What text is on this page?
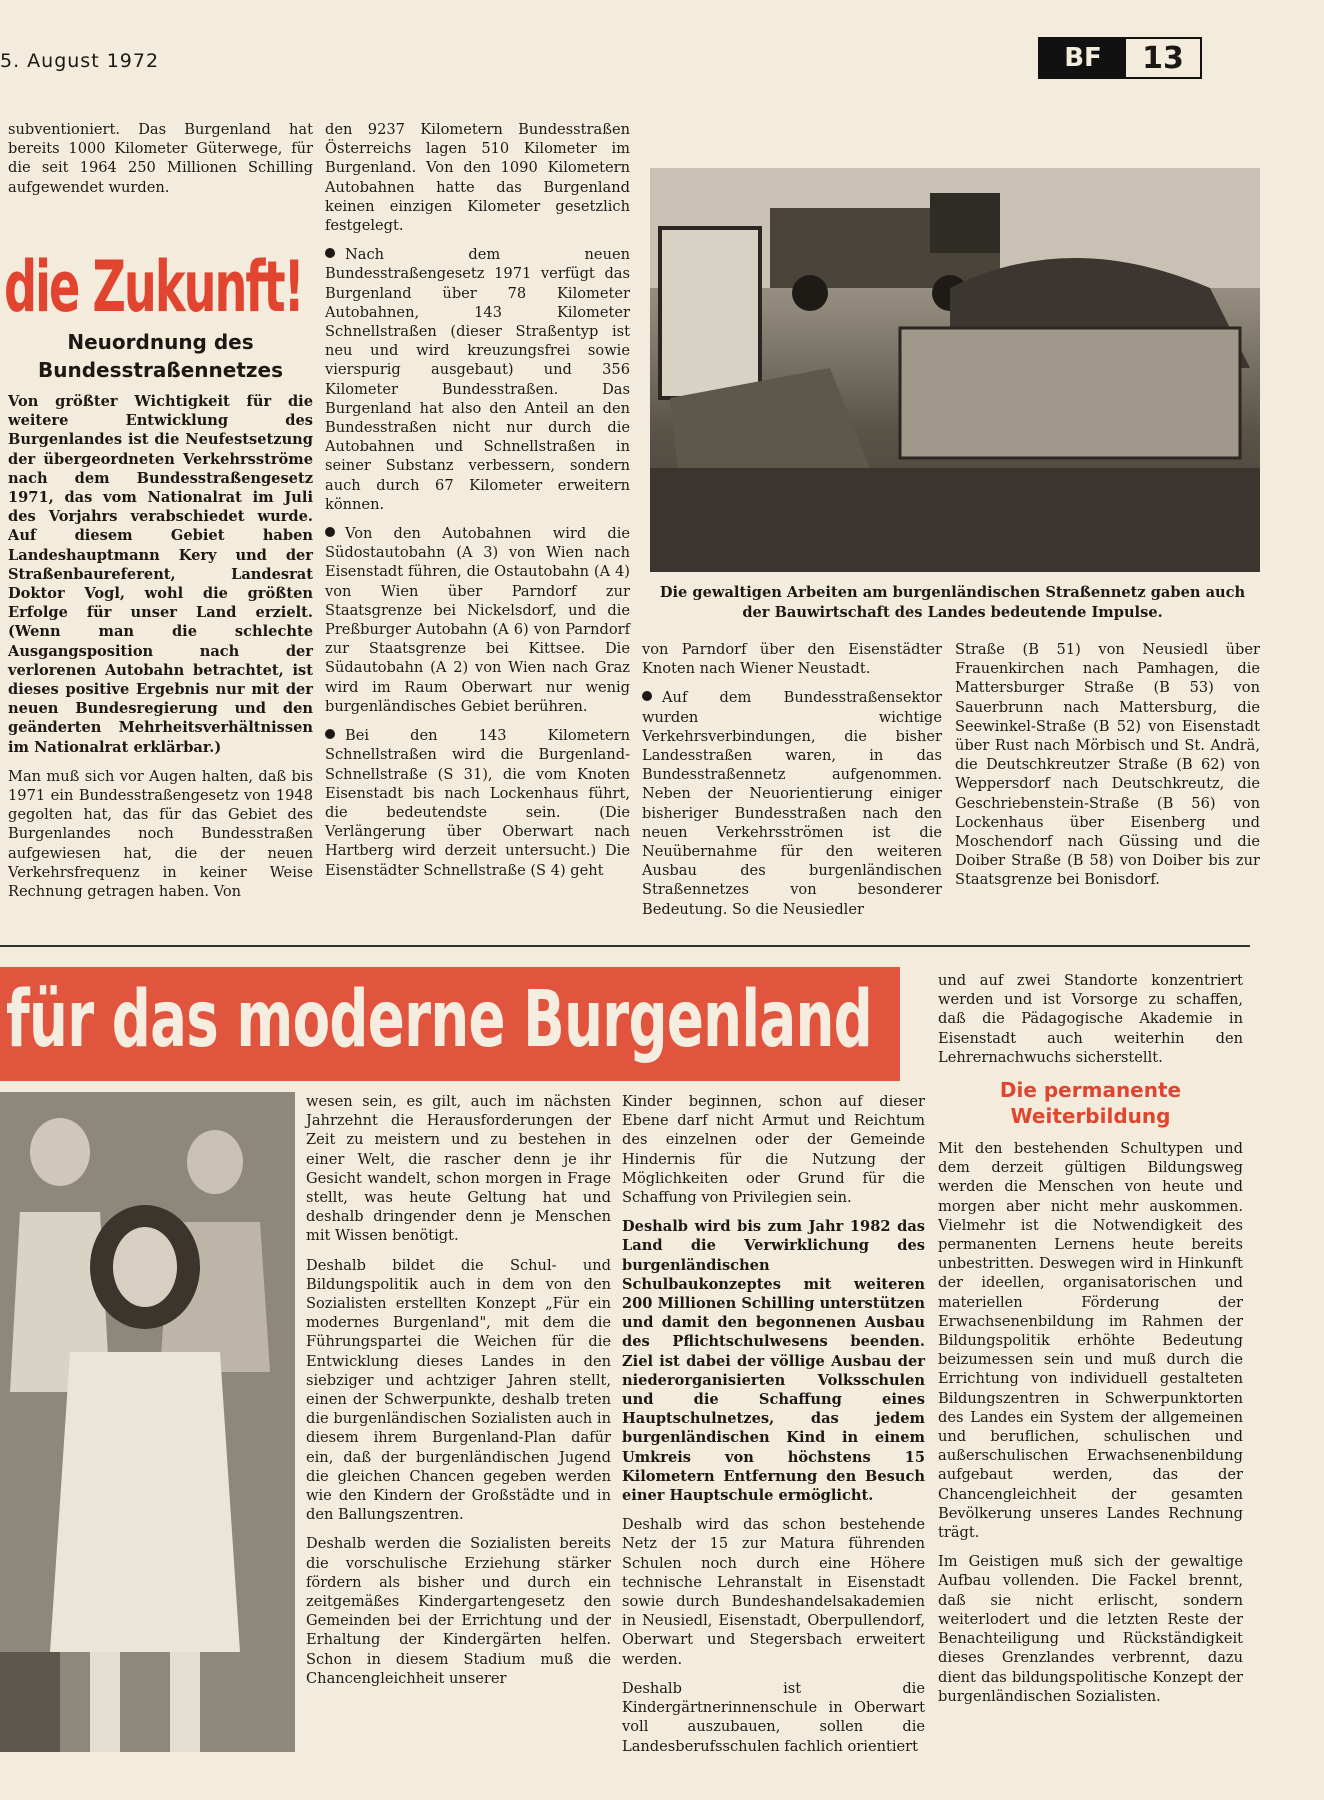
5. August 1972	BF	13

subventioniert. Das Burgenland hat bereits 1000 Kilometer Güterwege, für die seit 1964 250 Millionen Schilling aufgewendet wurden.

die Zukunft!
Neuordnung des Bundesstraßennetzes

Von größter Wichtigkeit für die weitere Entwicklung des Burgenlandes ist die Neufestsetzung der übergeordneten Verkehrsströme nach dem Bundesstraßengesetz 1971, das vom Nationalrat im Juli des Vorjahrs verabschiedet wurde. Auf diesem Gebiet haben Landeshauptmann Kery und der Straßenbaureferent, Landesrat Doktor Vogl, wohl die größten Erfolge für unser Land erzielt. (Wenn man die schlechte Ausgangsposition nach der verlorenen Autobahn betrachtet, ist dieses positive Ergebnis nur mit der neuen Bundesregierung und den geänderten Mehrheitsverhältnissen im Nationalrat erklärbar.)

Man muß sich vor Augen halten, daß bis 1971 ein Bundesstraßengesetz von 1948 gegolten hat, das für das Gebiet des Burgenlandes noch Bundesstraßen aufgewiesen hat, die der neuen Verkehrsfrequenz in keiner Weise Rechnung getragen haben. Von

den 9237 Kilometern Bundesstraßen Österreichs lagen 510 Kilometer im Burgenland. Von den 1090 Kilometern Autobahnen hatte das Burgenland keinen einzigen Kilometer gesetzlich festgelegt.

Nach dem neuen Bundesstraßengesetz 1971 verfügt das Burgenland über 78 Kilometer Autobahnen, 143 Kilometer Schnellstraßen (dieser Straßentyp ist neu und wird kreuzungsfrei sowie vierspurig ausgebaut) und 356 Kilometer Bundesstraßen. Das Burgenland hat also den Anteil an den Bundesstraßen nicht nur durch die Autobahnen und Schnellstraßen in seiner Substanz verbessern, sondern auch durch 67 Kilometer erweitern können.

Von den Autobahnen wird die Südostautobahn (A 3) von Wien nach Eisenstadt führen, die Ostautobahn (A 4) von Wien über Parndorf zur Staatsgrenze bei Nickelsdorf, und die Preßburger Autobahn (A 6) von Parndorf zur Staatsgrenze bei Kittsee. Die Südautobahn (A 2) von Wien nach Graz wird im Raum Oberwart nur wenig burgenländisches Gebiet berühren.

Bei den 143 Kilometern Schnellstraßen wird die Burgenland-Schnellstraße (S 31), die vom Knoten Eisenstadt bis nach Lockenhaus führt, die bedeutendste sein. (Die Verlängerung über Oberwart nach Hartberg wird derzeit untersucht.) Die Eisenstädter Schnellstraße (S 4) geht

Die gewaltigen Arbeiten am burgenländischen Straßennetz gaben auch der Bauwirtschaft des Landes bedeutende Impulse.

von Parndorf über den Eisenstädter Knoten nach Wiener Neustadt.

Auf dem Bundesstraßensektor wurden wichtige Verkehrsverbindungen, die bisher Landesstraßen waren, in das Bundesstraßennetz aufgenommen. Neben der Neuorientierung einiger bisheriger Bundesstraßen nach den neuen Verkehrsströmen ist die Neuübernahme für den weiteren Ausbau des burgenländischen Straßennetzes von besonderer Bedeutung. So die Neusiedler

Straße (B 51) von Neusiedl über Frauenkirchen nach Pamhagen, die Mattersburger Straße (B 53) von Sauerbrunn nach Mattersburg, die Seewinkel-Straße (B 52) von Eisenstadt über Rust nach Mörbisch und St. Andrä, die Deutschkreutzer Straße (B 62) von Weppersdorf nach Deutschkreutz, die Geschriebenstein-Straße (B 56) von Lockenhaus über Eisenberg und Moschendorf nach Güssing und die Doiber Straße (B 58) von Doiber bis zur Staatsgrenze bei Bonisdorf.

für das moderne Burgenland

wesen sein, es gilt, auch im nächsten Jahrzehnt die Herausforderungen der Zeit zu meistern und zu bestehen in einer Welt, die rascher denn je ihr Gesicht wandelt, schon morgen in Frage stellt, was heute Geltung hat und deshalb dringender denn je Menschen mit Wissen benötigt.

Deshalb bildet die Schul- und Bildungspolitik auch in dem von den Sozialisten erstellten Konzept „Für ein modernes Burgenland", mit dem die Führungspartei die Weichen für die Entwicklung dieses Landes in den siebziger und achtziger Jahren stellt, einen der Schwerpunkte, deshalb treten die burgenländischen Sozialisten auch in diesem ihrem Burgenland-Plan dafür ein, daß der burgenländischen Jugend die gleichen Chancen gegeben werden wie den Kindern der Großstädte und in den Ballungszentren.

Deshalb werden die Sozialisten bereits die vorschulische Erziehung stärker fördern als bisher und durch ein zeitgemäßes Kindergartengesetz den Gemeinden bei der Errichtung und der Erhaltung der Kindergärten helfen. Schon in diesem Stadium muß die Chancengleichheit unserer

Kinder beginnen, schon auf dieser Ebene darf nicht Armut und Reichtum des einzelnen oder der Gemeinde Hindernis für die Nutzung der Möglichkeiten oder Grund für die Schaffung von Privilegien sein.

Deshalb wird bis zum Jahr 1982 das Land die Verwirklichung des burgenländischen Schulbaukonzeptes mit weiteren 200 Millionen Schilling unterstützen und damit den begonnenen Ausbau des Pflichtschulwesens beenden. Ziel ist dabei der völlige Ausbau der niederorganisierten Volksschulen und die Schaffung eines Hauptschulnetzes, das jedem burgenländischen Kind in einem Umkreis von höchstens 15 Kilometern Entfernung den Besuch einer Hauptschule ermöglicht.

Deshalb wird das schon bestehende Netz der 15 zur Matura führenden Schulen noch durch eine Höhere technische Lehranstalt in Eisenstadt sowie durch Bundeshandelsakademien in Neusiedl, Eisenstadt, Oberpullendorf, Oberwart und Stegersbach erweitert werden.

Deshalb ist die Kindergärtnerinnenschule in Oberwart voll auszubauen, sollen die Landesberufsschulen fachlich orientiert

und auf zwei Standorte konzentriert werden und ist Vorsorge zu schaffen, daß die Pädagogische Akademie in Eisenstadt auch weiterhin den Lehrernachwuchs sicherstellt.

Die permanente Weiterbildung

Mit den bestehenden Schultypen und dem derzeit gültigen Bildungsweg werden die Menschen von heute und morgen aber nicht mehr auskommen. Vielmehr ist die Notwendigkeit des permanenten Lernens heute bereits unbestritten. Deswegen wird in Hinkunft der ideellen, organisatorischen und materiellen Förderung der Erwachsenenbildung im Rahmen der Bildungspolitik erhöhte Bedeutung beizumessen sein und muß durch die Errichtung von individuell gestalteten Bildungszentren in Schwerpunktorten des Landes ein System der allgemeinen und beruflichen, schulischen und außerschulischen Erwachsenenbildung aufgebaut werden, das der Chancengleichheit der gesamten Bevölkerung unseres Landes Rechnung trägt.

Im Geistigen muß sich der gewaltige Aufbau vollenden. Die Fackel brennt, daß sie nicht erlischt, sondern weiterlodert und die letzten Reste der Benachteiligung und Rückständigkeit dieses Grenzlandes verbrennt, dazu dient das bildungspolitische Konzept der burgenländischen Sozialisten.
